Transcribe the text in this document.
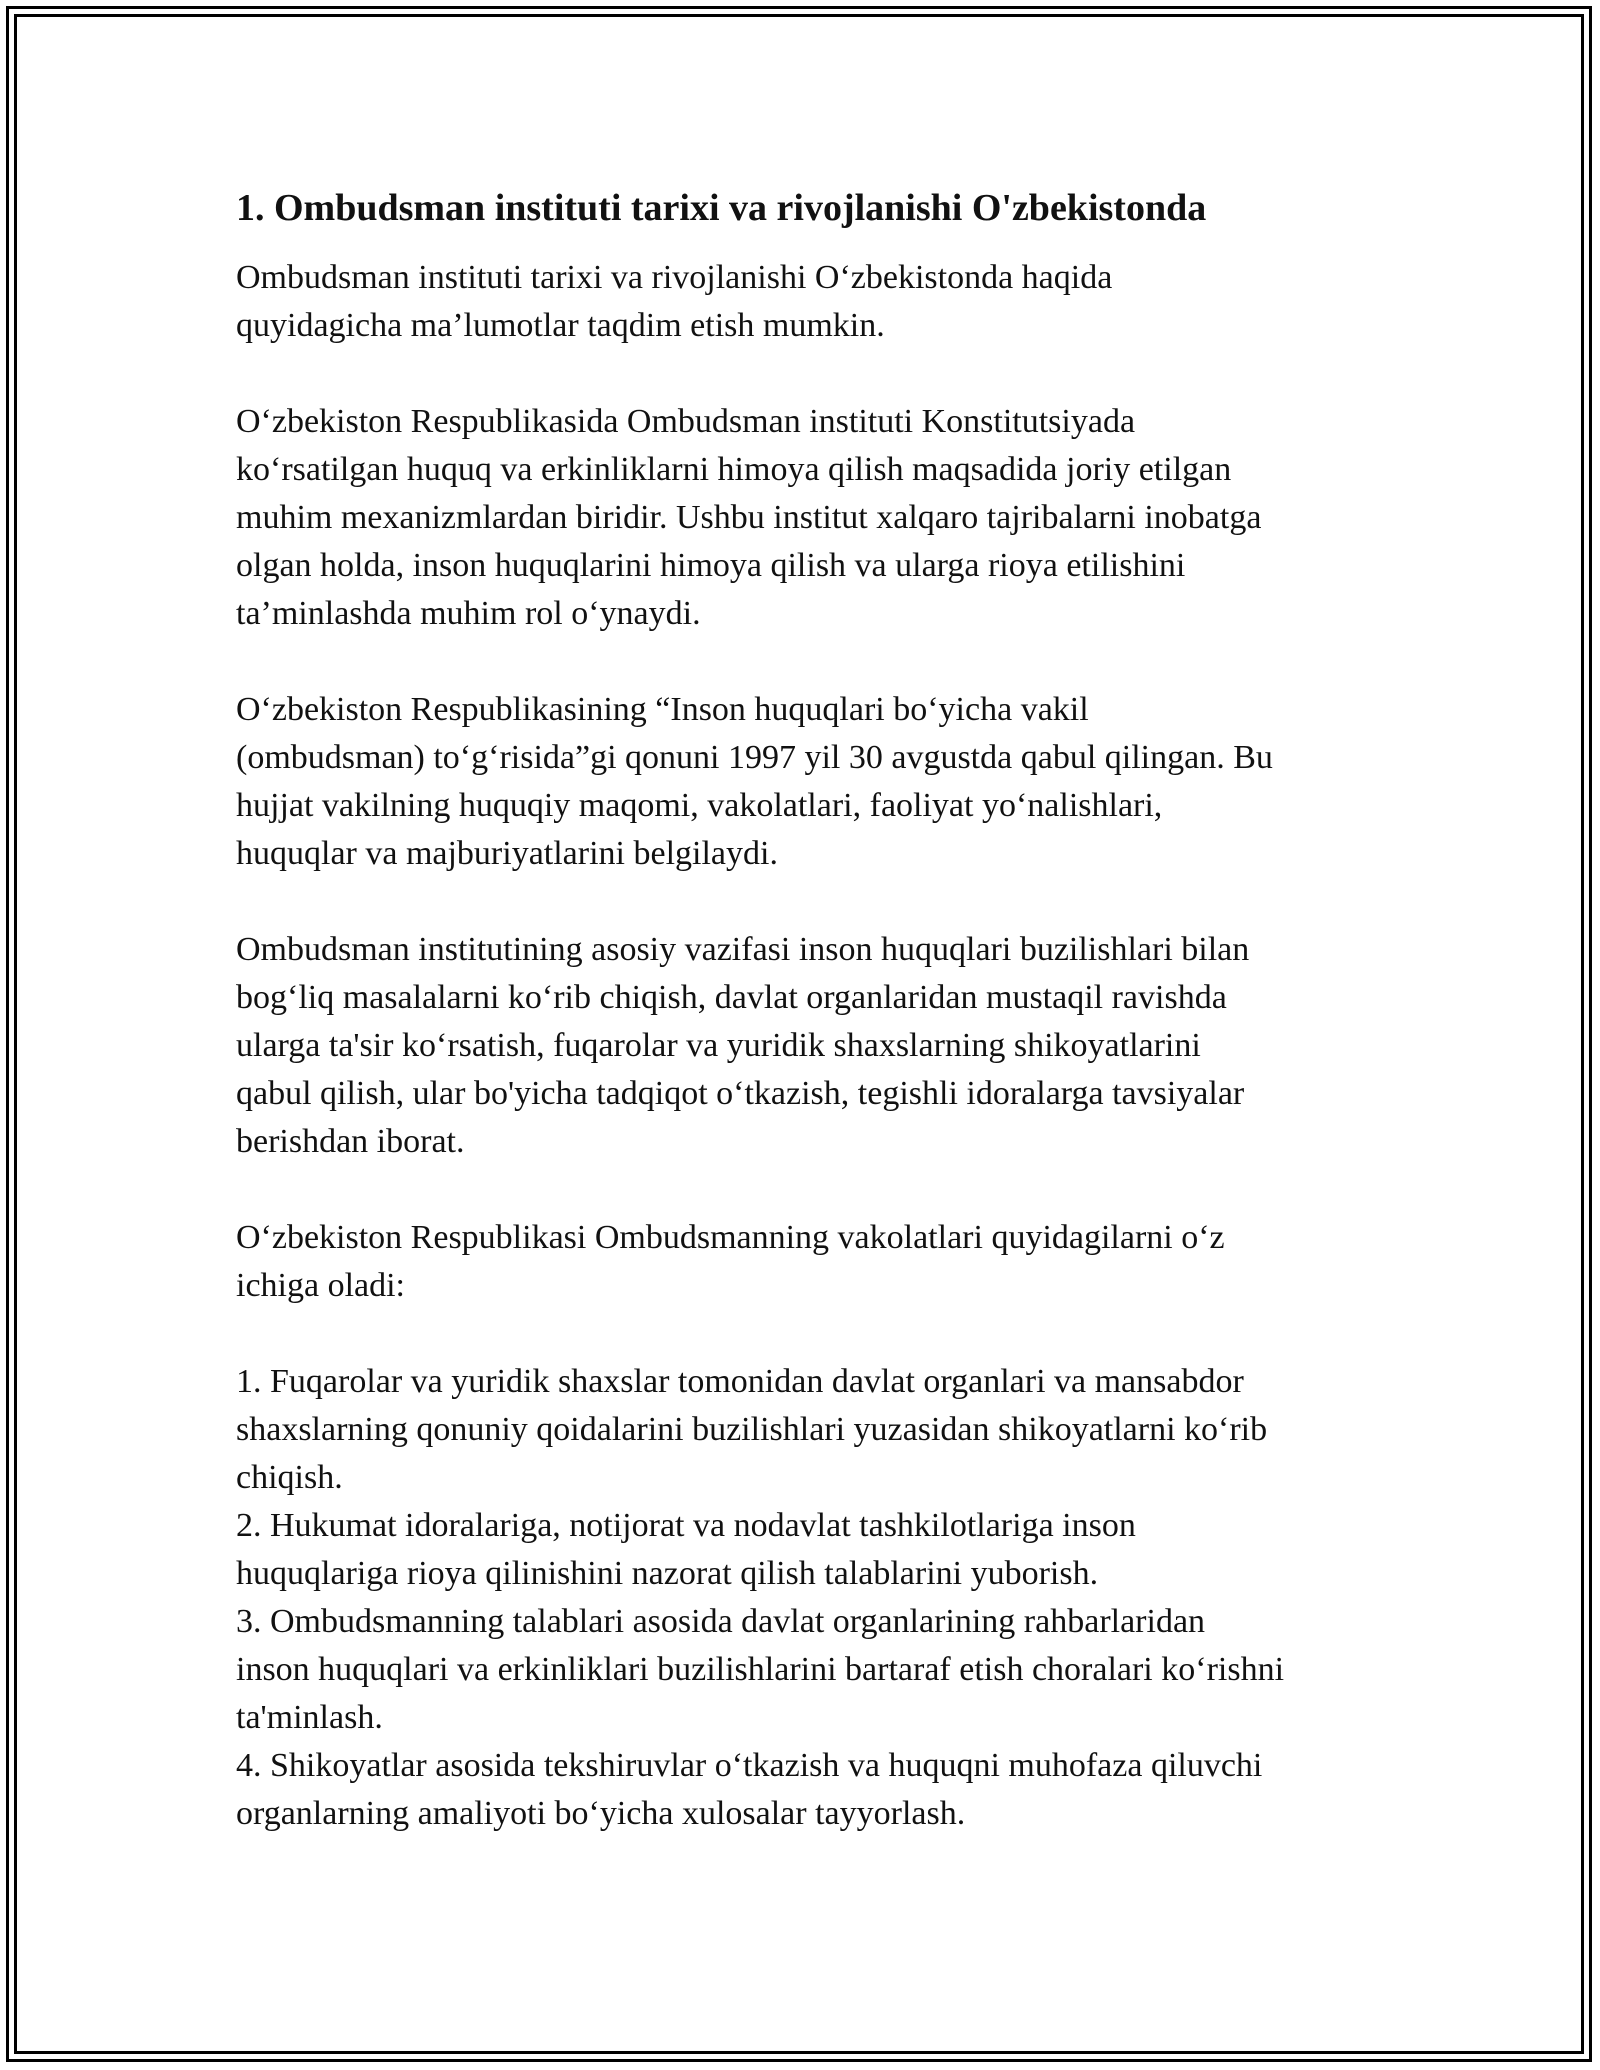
1. Ombudsman instituti tarixi va rivojlanishi O'zbekistonda
Ombudsman instituti tarixi va rivojlanishi O‘zbekistonda haqida
quyidagicha ma’lumotlar taqdim etish mumkin.
O‘zbekiston Respublikasida Ombudsman instituti Konstitutsiyada
ko‘rsatilgan huquq va erkinliklarni himoya qilish maqsadida joriy etilgan
muhim mexanizmlardan biridir. Ushbu institut xalqaro tajribalarni inobatga
olgan holda, inson huquqlarini himoya qilish va ularga rioya etilishini
ta’minlashda muhim rol o‘ynaydi.
O‘zbekiston Respublikasining “Inson huquqlari bo‘yicha vakil
(ombudsman) to‘g‘risida”gi qonuni 1997 yil 30 avgustda qabul qilingan. Bu
hujjat vakilning huquqiy maqomi, vakolatlari, faoliyat yo‘nalishlari,
huquqlar va majburiyatlarini belgilaydi.
Ombudsman institutining asosiy vazifasi inson huquqlari buzilishlari bilan
bog‘liq masalalarni ko‘rib chiqish, davlat organlaridan mustaqil ravishda
ularga ta'sir ko‘rsatish, fuqarolar va yuridik shaxslarning shikoyatlarini
qabul qilish, ular bo'yicha tadqiqot o‘tkazish, tegishli idoralarga tavsiyalar
berishdan iborat.
O‘zbekiston Respublikasi Ombudsmanning vakolatlari quyidagilarni o‘z
ichiga oladi:
1. Fuqarolar va yuridik shaxslar tomonidan davlat organlari va mansabdor
shaxslarning qonuniy qoidalarini buzilishlari yuzasidan shikoyatlarni ko‘rib
chiqish.
2. Hukumat idoralariga, notijorat va nodavlat tashkilotlariga inson
huquqlariga rioya qilinishini nazorat qilish talablarini yuborish.
3. Ombudsmanning talablari asosida davlat organlarining rahbarlaridan
inson huquqlari va erkinliklari buzilishlarini bartaraf etish choralari ko‘rishni
ta'minlash.
4. Shikoyatlar asosida tekshiruvlar o‘tkazish va huquqni muhofaza qiluvchi
organlarning amaliyoti bo‘yicha xulosalar tayyorlash.
